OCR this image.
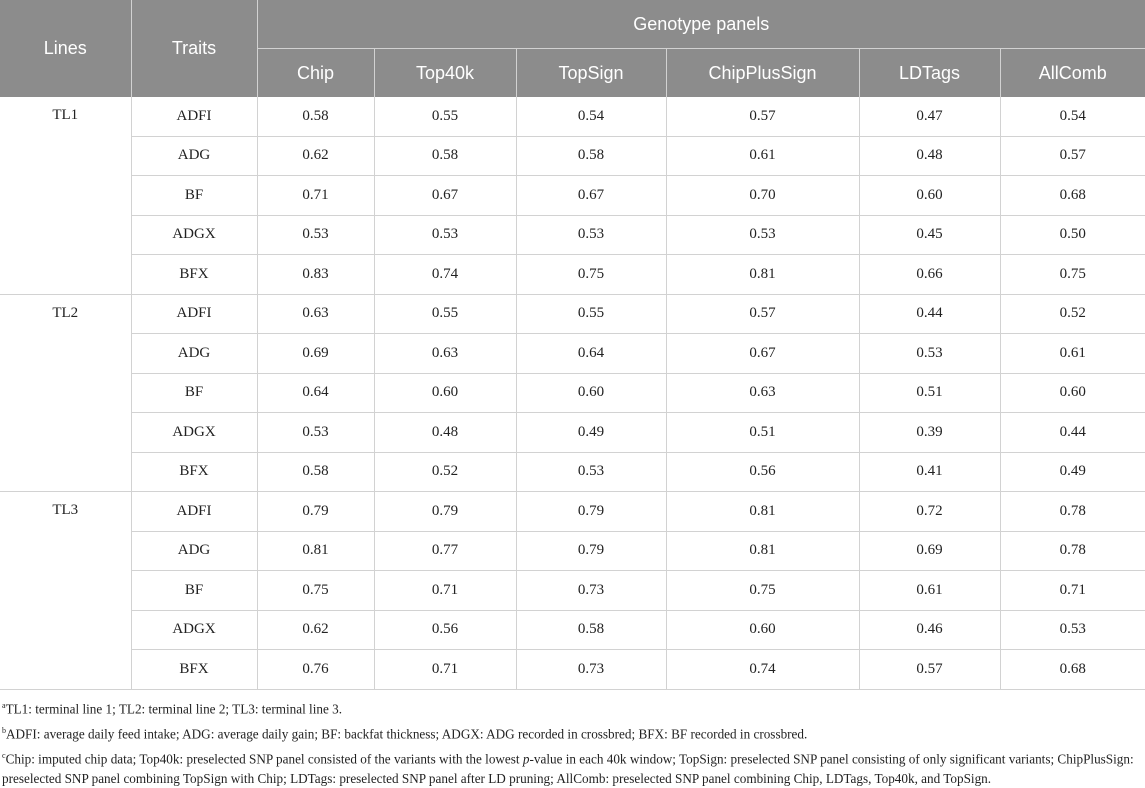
Lines	Traits	Genotype panels					
		Chip	Top40k	TopSign	ChipPlusSign	LDTags	AllComb
TL1	ADFI	0.58	0.55	0.54	0.57	0.47	0.54
	ADG	0.62	0.58	0.58	0.61	0.48	0.57
	BF	0.71	0.67	0.67	0.70	0.60	0.68
	ADGX	0.53	0.53	0.53	0.53	0.45	0.50
	BFX	0.83	0.74	0.75	0.81	0.66	0.75
TL2	ADFI	0.63	0.55	0.55	0.57	0.44	0.52
	ADG	0.69	0.63	0.64	0.67	0.53	0.61
	BF	0.64	0.60	0.60	0.63	0.51	0.60
	ADGX	0.53	0.48	0.49	0.51	0.39	0.44
	BFX	0.58	0.52	0.53	0.56	0.41	0.49
TL3	ADFI	0.79	0.79	0.79	0.81	0.72	0.78
	ADG	0.81	0.77	0.79	0.81	0.69	0.78
	BF	0.75	0.71	0.73	0.75	0.61	0.71
	ADGX	0.62	0.56	0.58	0.60	0.46	0.53
	BFX	0.76	0.71	0.73	0.74	0.57	0.68

$^a$TL1: terminal line 1; TL2: terminal line 2; TL3: terminal line 3.

$^b$ADFI: average daily feed intake; ADG: average daily gain; BF: backfat thickness; ADGX: ADG recorded in crossbred; BFX: BF recorded in crossbred.

$^c$Chip: imputed chip data; Top40k: preselected SNP panel consisted of the variants with the lowest p-value in each 40k window; TopSign: preselected SNP panel consisting of only significant variants; ChipPlusSign: preselected SNP panel combining TopSign with Chip; LDTags: preselected SNP panel after LD pruning; AllComb: preselected SNP panel combining Chip, LDTags, Top40k, and TopSign.
